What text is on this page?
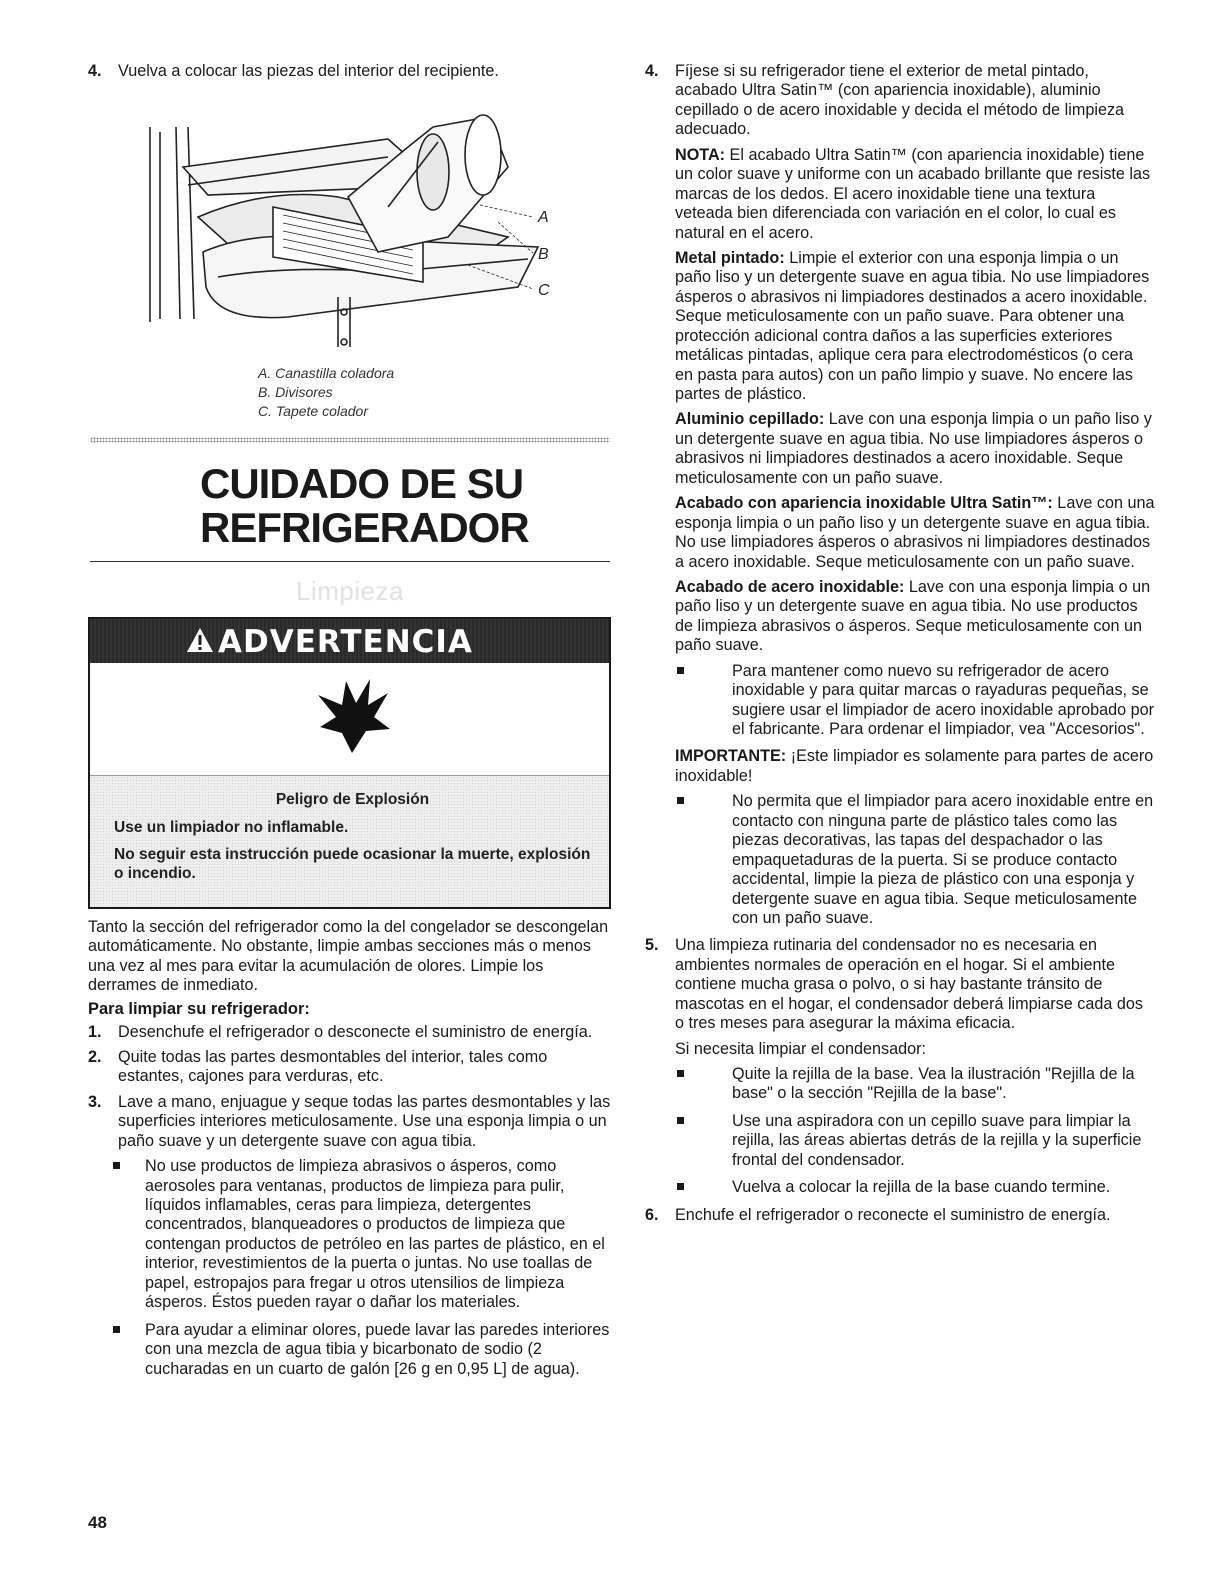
4. Vuelva a colocar las piezas del interior del recipiente.

A
B
C
A. Canastilla coladora
B. Divisores
C. Tapete colador
CUIDADO DE SU
REFRIGERADOR
Limpieza
ADVERTENCIA

Peligro de Explosión

Use un limpiador no inflamable.

No seguir esta instrucción puede ocasionar la muerte, explosión o incendio.

Tanto la sección del refrigerador como la del congelador se descongelan automáticamente. No obstante, limpie ambas secciones más o menos una vez al mes para evitar la acumulación de olores. Limpie los derrames de inmediato.

Para limpiar su refrigerador:
1. Desenchufe el refrigerador o desconecte el suministro de energía.

2. Quite todas las partes desmontables del interior, tales como estantes, cajones para verduras, etc.

3. Lave a mano, enjuague y seque todas las partes desmontables y las superficies interiores meticulosamente. Use una esponja limpia o un paño suave y un detergente suave con agua tibia.

No use productos de limpieza abrasivos o ásperos, como aerosoles para ventanas, productos de limpieza para pulir, líquidos inflamables, ceras para limpieza, detergentes concentrados, blanqueadores o productos de limpieza que contengan productos de petróleo en las partes de plástico, en el interior, revestimientos de la puerta o juntas. No use toallas de papel, estropajos para fregar u otros utensilios de limpieza ásperos. Éstos pueden rayar o dañar los materiales.
Para ayudar a eliminar olores, puede lavar las paredes interiores con una mezcla de agua tibia y bicarbonato de sodio (2 cucharadas en un cuarto de galón [26 g en 0,95 L] de agua).
4. Fíjese si su refrigerador tiene el exterior de metal pintado, acabado Ultra Satin™ (con apariencia inoxidable), aluminio cepillado o de acero inoxidable y decida el método de limpieza adecuado.

NOTA: El acabado Ultra Satin™ (con apariencia inoxidable) tiene un color suave y uniforme con un acabado brillante que resiste las marcas de los dedos. El acero inoxidable tiene una textura veteada bien diferenciada con variación en el color, lo cual es natural en el acero.

Metal pintado: Limpie el exterior con una esponja limpia o un paño liso y un detergente suave en agua tibia. No use limpiadores ásperos o abrasivos ni limpiadores destinados a acero inoxidable. Seque meticulosamente con un paño suave. Para obtener una protección adicional contra daños a las superficies exteriores metálicas pintadas, aplique cera para electrodomésticos (o cera en pasta para autos) con un paño limpio y suave. No encere las partes de plástico.

Aluminio cepillado: Lave con una esponja limpia o un paño liso y un detergente suave en agua tibia. No use limpiadores ásperos o abrasivos ni limpiadores destinados a acero inoxidable. Seque meticulosamente con un paño suave.

Acabado con apariencia inoxidable Ultra Satin™: Lave con una esponja limpia o un paño liso y un detergente suave en agua tibia. No use limpiadores ásperos o abrasivos ni limpiadores destinados a acero inoxidable. Seque meticulosamente con un paño suave.

Acabado de acero inoxidable: Lave con una esponja limpia o un paño liso y un detergente suave en agua tibia. No use productos de limpieza abrasivos o ásperos. Seque meticulosamente con un paño suave.

Para mantener como nuevo su refrigerador de acero inoxidable y para quitar marcas o rayaduras pequeñas, se sugiere usar el limpiador de acero inoxidable aprobado por el fabricante. Para ordenar el limpiador, vea "Accesorios".

IMPORTANTE: ¡Este limpiador es solamente para partes de acero inoxidable!

No permita que el limpiador para acero inoxidable entre en contacto con ninguna parte de plástico tales como las piezas decorativas, las tapas del despachador o las empaquetaduras de la puerta. Si se produce contacto accidental, limpie la pieza de plástico con una esponja y detergente suave en agua tibia. Seque meticulosamente con un paño suave.
5. Una limpieza rutinaria del condensador no es necesaria en ambientes normales de operación en el hogar. Si el ambiente contiene mucha grasa o polvo, o si hay bastante tránsito de mascotas en el hogar, el condensador deberá limpiarse cada dos o tres meses para asegurar la máxima eficacia.

Si necesita limpiar el condensador:

Quite la rejilla de la base. Vea la ilustración "Rejilla de la base" o la sección "Rejilla de la base".
Use una aspiradora con un cepillo suave para limpiar la rejilla, las áreas abiertas detrás de la rejilla y la superficie frontal del condensador.
Vuelva a colocar la rejilla de la base cuando termine.
6. Enchufe el refrigerador o reconecte el suministro de energía.

48
